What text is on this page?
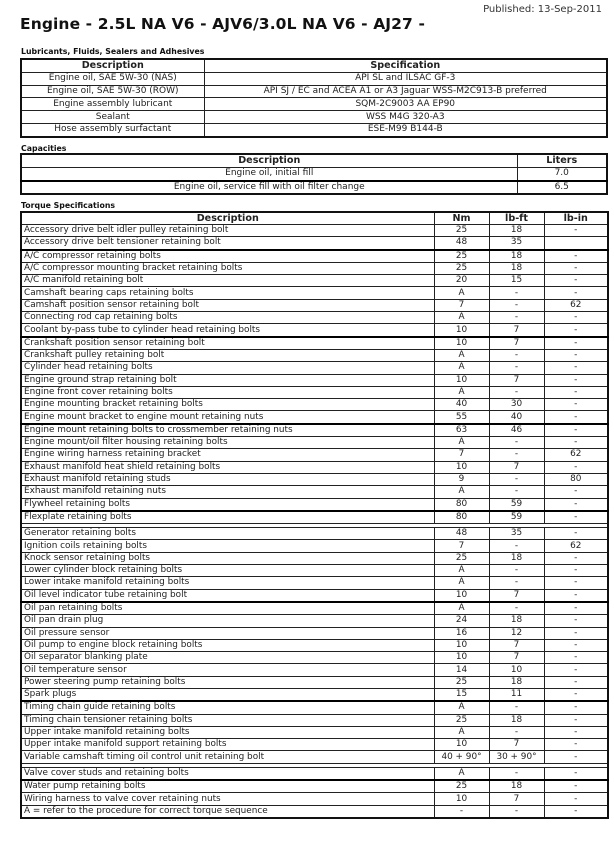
Published: 13-Sep-2011
Engine - 2.5L NA V6 - AJV6/3.0L NA V6 - AJ27 -
Lubricants, Fluids, Sealers and Adhesives
Description	Specification
Engine oil, SAE 5W-30 (NAS)	API SL and ILSAC GF-3
Engine oil, SAE 5W-30 (ROW)	API SJ / EC and ACEA A1 or A3 Jaguar WSS-M2C913-B preferred
Engine assembly lubricant	SQM-2C9003 AA EP90
Sealant	WSS M4G 320-A3
Hose assembly surfactant	ESE-M99 B144-B
Capacities
Description	Liters
Engine oil, initial fill	7.0
Engine oil, service fill with oil filter change	6.5
Torque Specifications
Description	Nm	lb-ft	lb-in
Accessory drive belt idler pulley retaining bolt	25	18	-
Accessory drive belt tensioner retaining bolt	48	35	
A/C compressor retaining bolts	25	18	-
A/C compressor mounting bracket retaining bolts	25	18	-
A/C manifold retaining bolt	20	15	-
Camshaft bearing caps retaining bolts	A	-	-
Camshaft position sensor retaining bolt	7	-	62
Connecting rod cap retaining bolts	A	-	-
Coolant by-pass tube to cylinder head retaining bolts	10	7	-
Crankshaft position sensor retaining bolt	10	7	-
Crankshaft pulley retaining bolt	A	-	-
Cylinder head retaining bolts	A	-	-
Engine ground strap retaining bolt	10	7	-
Engine front cover retaining bolts	A	-	-
Engine mounting bracket retaining bolts	40	30	-
Engine mount bracket to engine mount retaining nuts	55	40	-
Engine mount retaining bolts to crossmember retaining nuts	63	46	-
Engine mount/oil filter housing retaining bolts	A	-	-
Engine wiring harness retaining bracket	7	-	62
Exhaust manifold heat shield retaining bolts	10	7	-
Exhaust manifold retaining studs	9	-	80
Exhaust manifold retaining nuts	A	-	-
Flywheel retaining bolts	80	59	-
Flexplate retaining bolts	80	59	-

Generator retaining bolts	48	35	-
Ignition coils retaining bolts	7	-	62
Knock sensor retaining bolts	25	18	-
Lower cylinder block retaining bolts	A	-	-
Lower intake manifold retaining bolts	A	-	-
Oil level indicator tube retaining bolt	10	7	-
Oil pan retaining bolts	A	-	-
Oil pan drain plug	24	18	-
Oil pressure sensor	16	12	-
Oil pump to engine block retaining bolts	10	7	-
Oil separator blanking plate	10	7	-
Oil temperature sensor	14	10	-
Power steering pump retaining bolts	25	18	-
Spark plugs	15	11	-
Timing chain guide retaining bolts	A	-	-
Timing chain tensioner retaining bolts	25	18	-
Upper intake manifold retaining bolts	A	-	-
Upper intake manifold support retaining bolts	10	7	-
Variable camshaft timing oil control unit retaining bolt	40 + 90°	30 + 90°	-

Valve cover studs and retaining bolts	A	-	-
Water pump retaining bolts	25	18	-
Wiring harness to valve cover retaining nuts	10	7	-
A = refer to the procedure for correct torque sequence	-	-	-
